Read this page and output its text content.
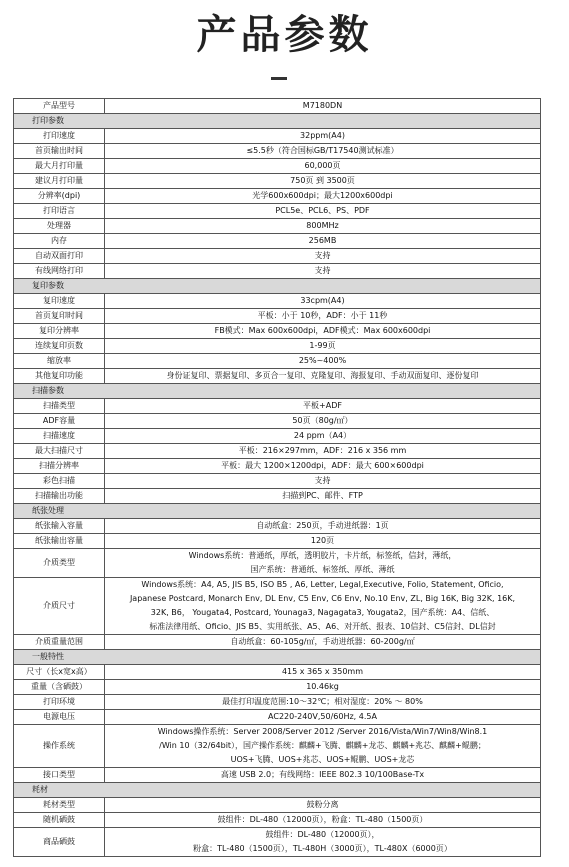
产品参数
产品型号	M7180DN
打印参数	
打印速度	32ppm(A4)
首页输出时间	≤5.5秒（符合国标GB/T17540测试标准）
最大月打印量	60,000页
建议月打印量	750页 到 3500页
分辨率(dpi)	光学600x600dpi；最大1200x600dpi
打印语言	PCL5e、PCL6、PS、PDF
处理器	800MHz
内存	256MB
自动双面打印	支持
有线网络打印	支持
复印参数	
复印速度	33cpm(A4)
首页复印时间	平板：小于 10秒，ADF：小于 11秒
复印分辨率	FB模式：Max 600x600dpi，ADF模式：Max 600x600dpi
连续复印页数	1-99页
缩放率	25%~400%
其他复印功能	身份证复印、票据复印、多页合一复印、克隆复印、海报复印、手动双面复印、逐份复印
扫描参数	
扫描类型	平板+ADF
ADF容量	50页（80g/㎡）
扫描速度	24 ppm（A4）
最大扫描尺寸	平板：216×297mm，ADF：216 x 356 mm
扫描分辨率	平板：最大 1200×1200dpi，ADF：最大 600×600dpi
彩色扫描	支持
扫描输出功能	扫描到PC、邮件、FTP
纸张处理	
纸张输入容量	自动纸盒：250页，手动进纸器：1页
纸张输出容量	120页
介质类型	Windows系统：普通纸，厚纸，透明胶片，卡片纸，标签纸，信封，薄纸，
国产系统：普通纸、标签纸、厚纸、薄纸
介质尺寸	Windows系统：A4, A5, JIS B5, ISO B5 , A6, Letter, Legal,Executive, Folio, Statement, Oficio,
Japanese Postcard, Monarch Env, DL Env, C5 Env, C6 Env, No.10 Env, ZL, Big 16K, Big 32K, 16K,
32K, B6， Yougata4, Postcard, Younaga3, Nagagata3, Yougata2，国产系统：A4、信纸、
标准法律用纸、Oficio、JIS B5、实用纸张、A5、A6、对开纸、报表、10信封、C5信封、DL信封
介质重量范围	自动纸盒：60-105g/㎡，手动进纸器：60-200g/㎡
一般特性	
尺寸（长x宽x高）	415 x 365 x 350mm
重量（含硒鼓）	10.46kg
打印环境	最佳打印温度范围:10～32℃；相对湿度：20% ～ 80%
电源电压	AC220-240V,50/60Hz, 4.5A
操作系统	Windows操作系统：Server 2008/Server 2012 /Server 2016/Vista/Win7/Win8/Win8.1
/Win 10（32/64bit），国产操作系统：麒麟+飞腾、麒麟+龙芯、麒麟+兆芯、麒麟+鲲鹏；
UOS+飞腾、UOS+兆芯、UOS+鲲鹏、UOS+龙芯
接口类型	高速 USB 2.0；有线网络：IEEE 802.3 10/100Base-Tx
耗材	
耗材类型	鼓粉分离
随机硒鼓	鼓组件：DL-480（12000页），粉盒：TL-480（1500页）
商品硒鼓	鼓组件：DL-480（12000页），
粉盒：TL-480（1500页），TL-480H（3000页），TL-480X（6000页）
